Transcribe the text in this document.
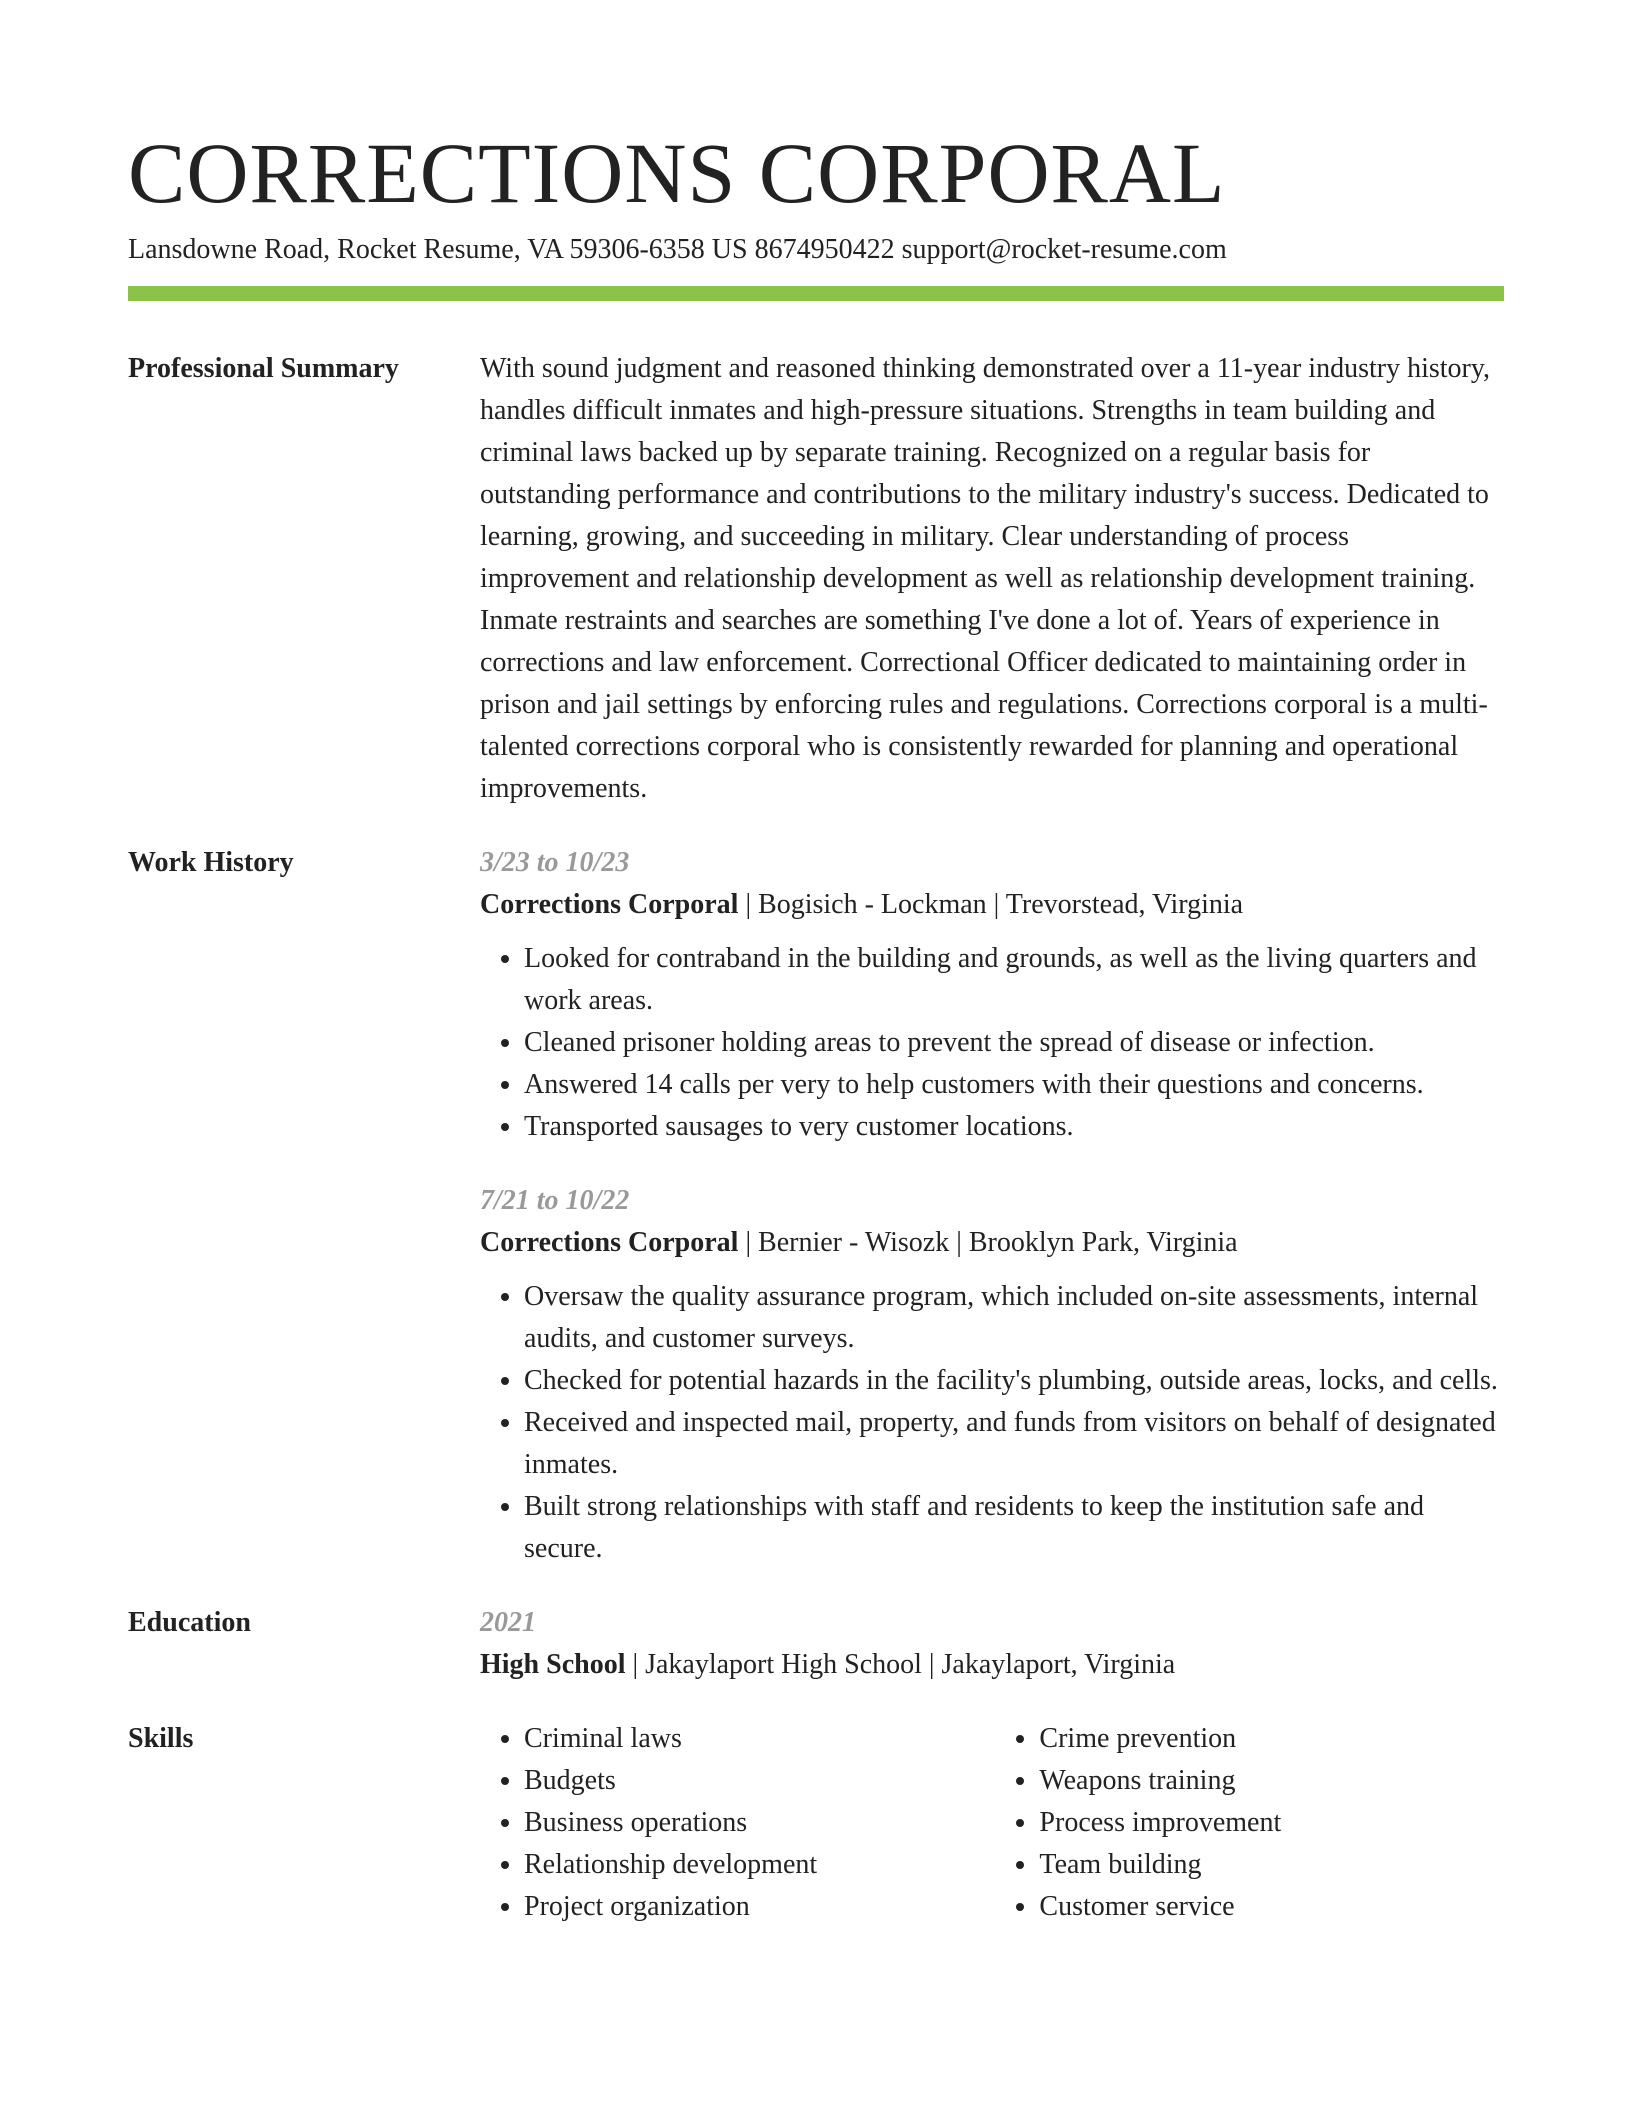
CORRECTIONS CORPORAL

Lansdowne Road, Rocket Resume, VA 59306-6358 US 8674950422 support@rocket-resume.com

Professional Summary	With sound judgment and reasoned thinking demonstrated over a 11-year industry history, handles difficult inmates and high-pressure situations. Strengths in team building and criminal laws backed up by separate training. Recognized on a regular basis for outstanding performance and contributions to the military industry's success. Dedicated to learning, growing, and succeeding in military. Clear understanding of process improvement and relationship development as well as relationship development training. Inmate restraints and searches are something I've done a lot of. Years of experience in corrections and law enforcement. Correctional Officer dedicated to maintaining order in prison and jail settings by enforcing rules and regulations. Corrections corporal is a multi-talented corrections corporal who is consistently rewarded for planning and operational improvements.

Work History	3/23 to 10/23
Corrections Corporal | Bogisich - Lockman | Trevorstead, Virginia
• Looked for contraband in the building and grounds, as well as the living quarters and work areas.
• Cleaned prisoner holding areas to prevent the spread of disease or infection.
• Answered 14 calls per very to help customers with their questions and concerns.
• Transported sausages to very customer locations.
7/21 to 10/22
Corrections Corporal | Bernier - Wisozk | Brooklyn Park, Virginia
• Oversaw the quality assurance program, which included on-site assessments, internal audits, and customer surveys.
• Checked for potential hazards in the facility's plumbing, outside areas, locks, and cells.
• Received and inspected mail, property, and funds from visitors on behalf of designated inmates.
• Built strong relationships with staff and residents to keep the institution safe and secure.
Education	2021
High School | Jakaylaport High School | Jakaylaport, Virginia
Skills
•	Criminal laws
• Budgets
• Business operations
• Relationship development
• Project organization
• Crime prevention
• Weapons training
• Process improvement
• Team building
• Customer service
